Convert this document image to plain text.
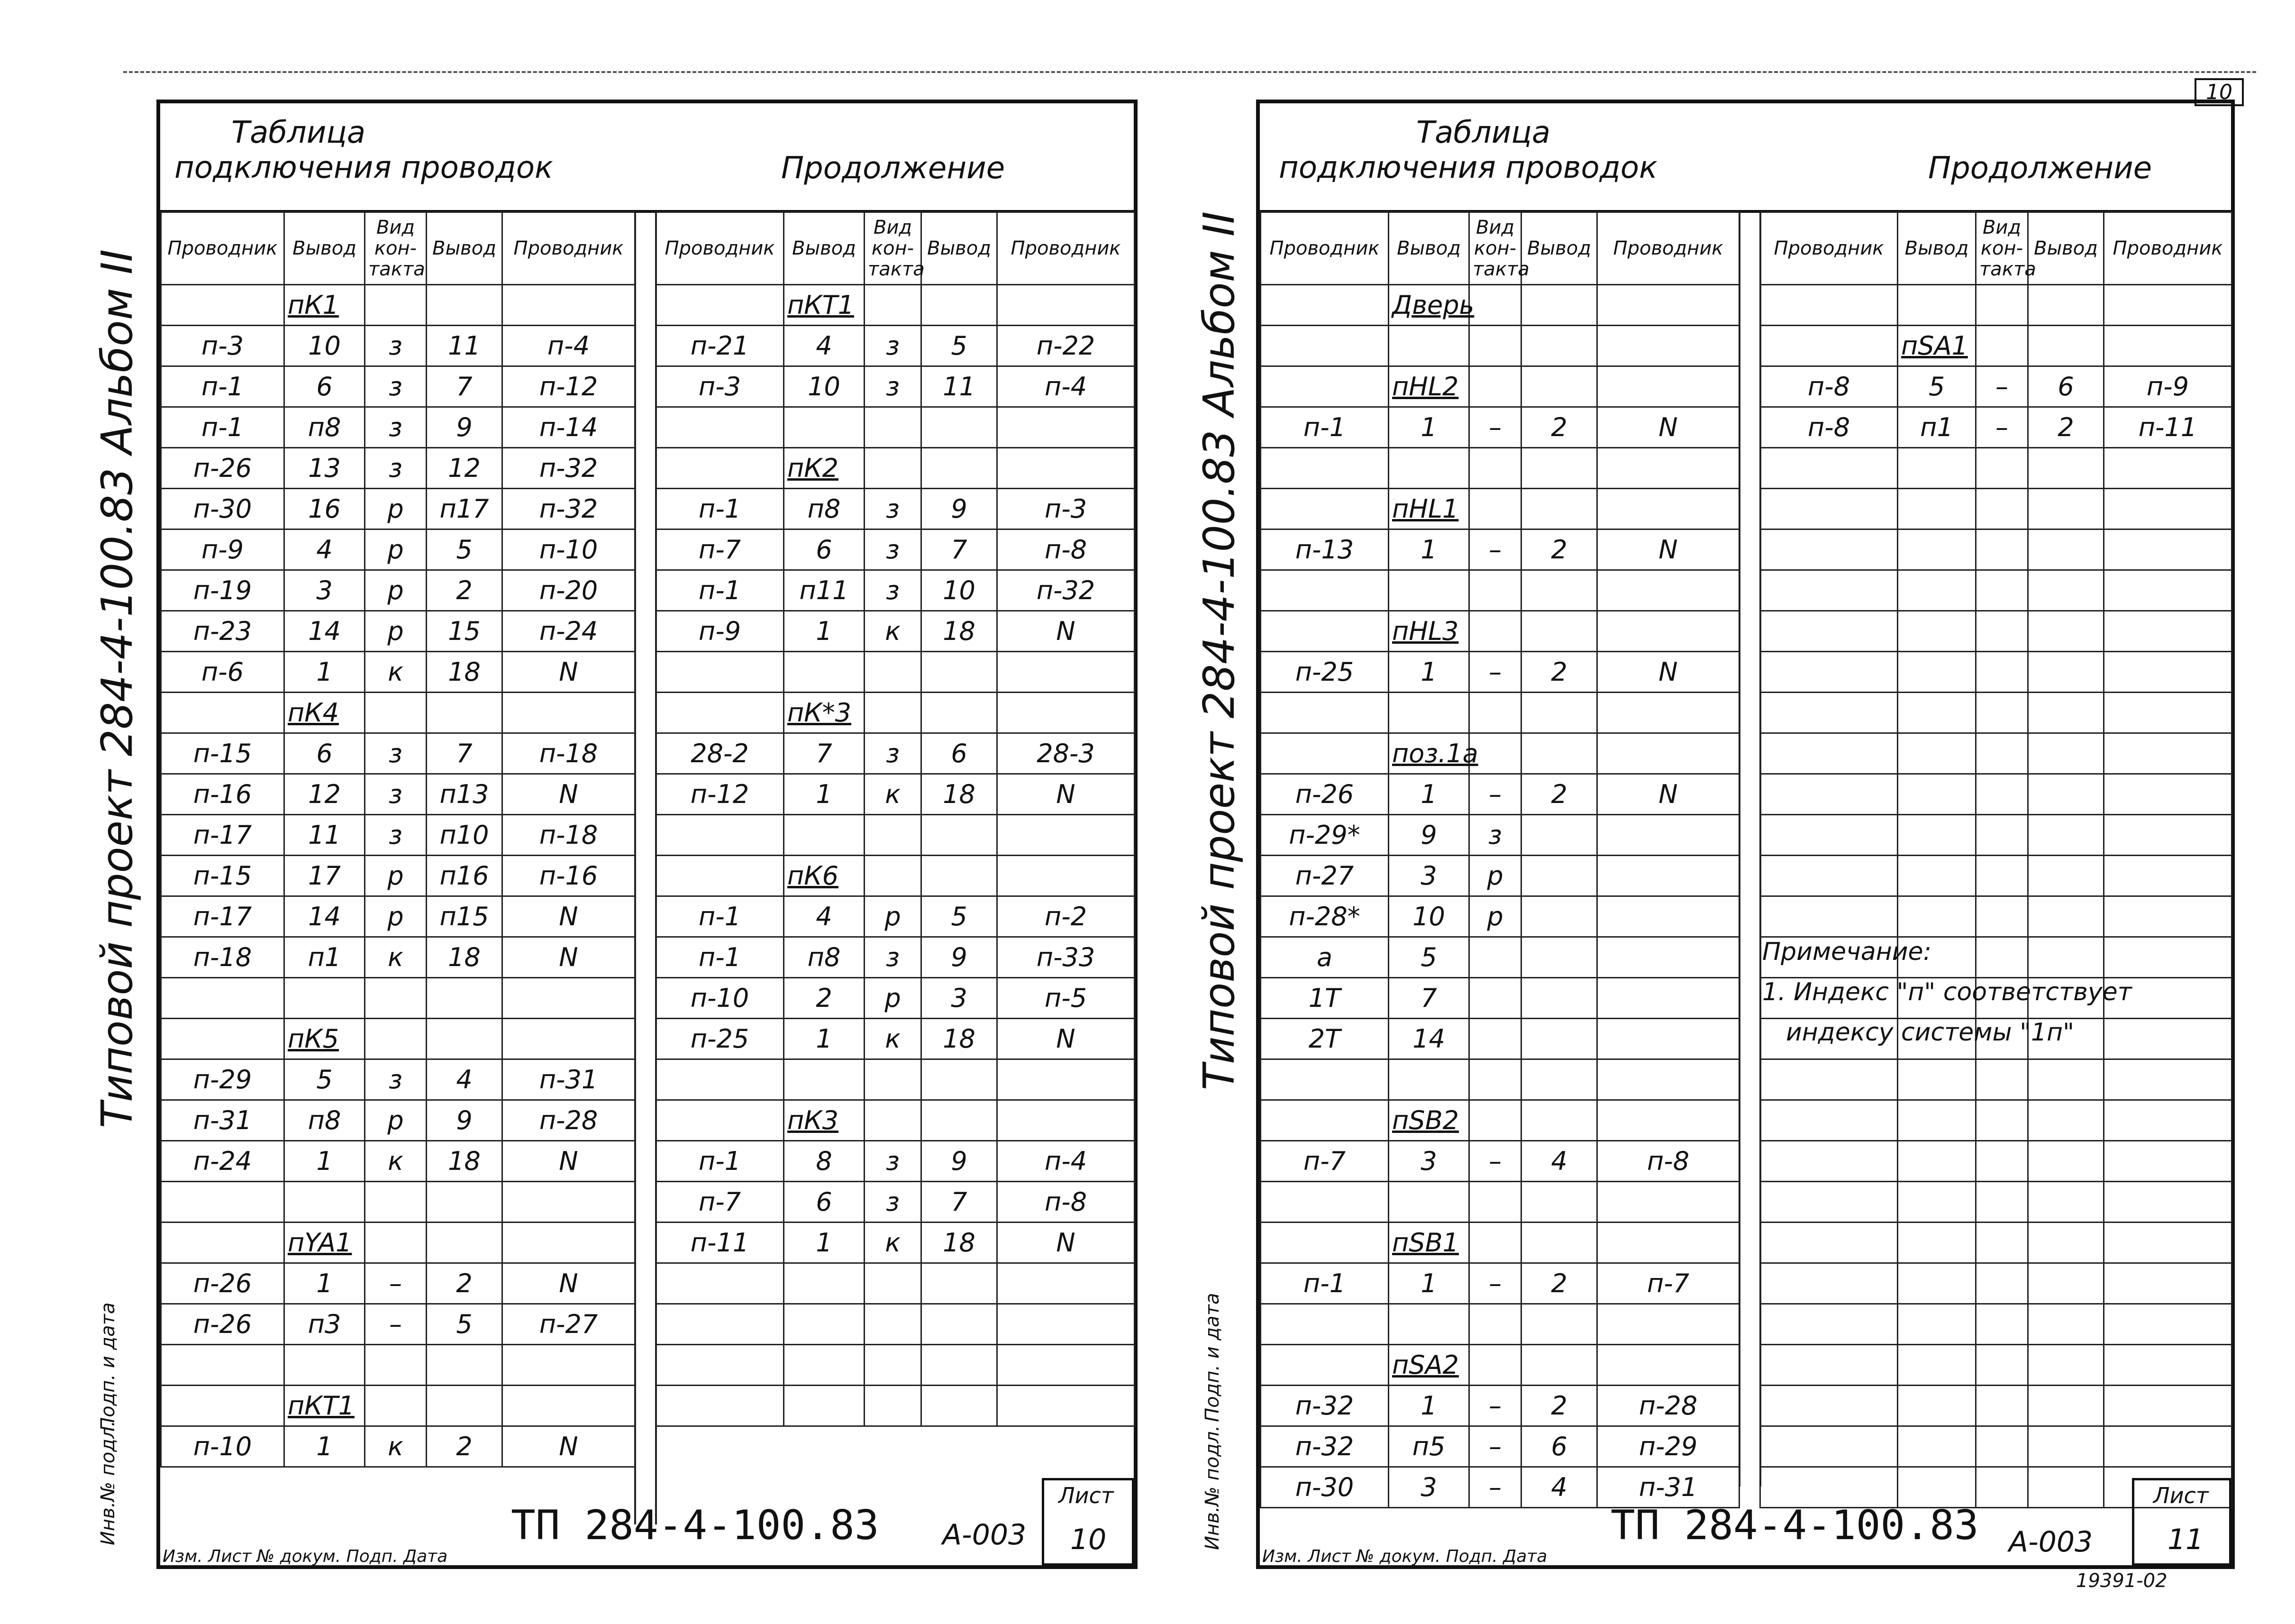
10
Типовой проект 284-4-100.83 Альбом II
Подп. и дата
Инв.№ подл.
Таблица
подключения проводок	Продолжение
Проводник	Вывод	Вид кон- такта	Вывод	Проводник
	пК1			
п-3	10	з	11	п-4
п-1	6	з	7	п-12
п-1	п8	з	9	п-14
п-26	13	з	12	п-32
п-30	16	р	п17	п-32
п-9	4	р	5	п-10
п-19	3	р	2	п-20
п-23	14	р	15	п-24
п-6	1	к	18	N
	пК4			
п-15	6	з	7	п-18
п-16	12	з	п13	N
п-17	11	з	п10	п-18
п-15	17	р	п16	п-16
п-17	14	р	п15	N
п-18	п1	к	18	N

	пК5			
п-29	5	з	4	п-31
п-31	п8	р	9	п-28
п-24	1	к	18	N

	пYA1			
п-26	1	–	2	N
п-26	п3	–	5	п-27

	пКТ1			
п-10	1	к	2	N
Проводник	Вывод	Вид кон- такта	Вывод	Проводник
	пКТ1			
п-21	4	з	5	п-22
п-3	10	з	11	п-4

	пК2			
п-1	п8	з	9	п-3
п-7	6	з	7	п-8
п-1	п11	з	10	п-32
п-9	1	к	18	N

	пК*3			
28-2	7	з	6	28-3
п-12	1	к	18	N

	пК6			
п-1	4	р	5	п-2
п-1	п8	з	9	п-33
п-10	2	р	3	п-5
п-25	1	к	18	N

	пК3			
п-1	8	з	9	п-4
п-7	6	з	7	п-8
п-11	1	к	18	N

ТП 284-4-100.83 А-003
Лист
10
Изм. Лист № докум. Подп. Дата
Типовой проект 284-4-100.83 Альбом II
Подп. и дата
Инв.№ подл.
Таблица
подключения проводок	Продолжение
Проводник	Вывод	Вид кон- такта	Вывод	Проводник
	Дверь			

	пНL2			
п-1	1	–	2	N

	пНL1			
п-13	1	–	2	N

	пНL3			
п-25	1	–	2	N

	поз.1а			
п-26	1	–	2	N
п-29*	9	з		
п-27	3	р		
п-28*	10	р		
а	5			
1Т	7			
2Т	14			

	пSB2			
п-7	3	–	4	п-8

	пSB1			
п-1	1	–	2	п-7

	пSA2			
п-32	1	–	2	п-28
п-32	п5	–	6	п-29
п-30	3	–	4	п-31
Проводник	Вывод	Вид кон- такта	Вывод	Проводник

	пSA1			
п-8	5	–	6	п-9
п-8	п1	–	2	п-11

Примечание:
1. Индекс "п" соответствует
индексу системы "1п"
ТП 284-4-100.83 А-003
Лист
11
Изм. Лист № докум. Подп. Дата
19391-02
